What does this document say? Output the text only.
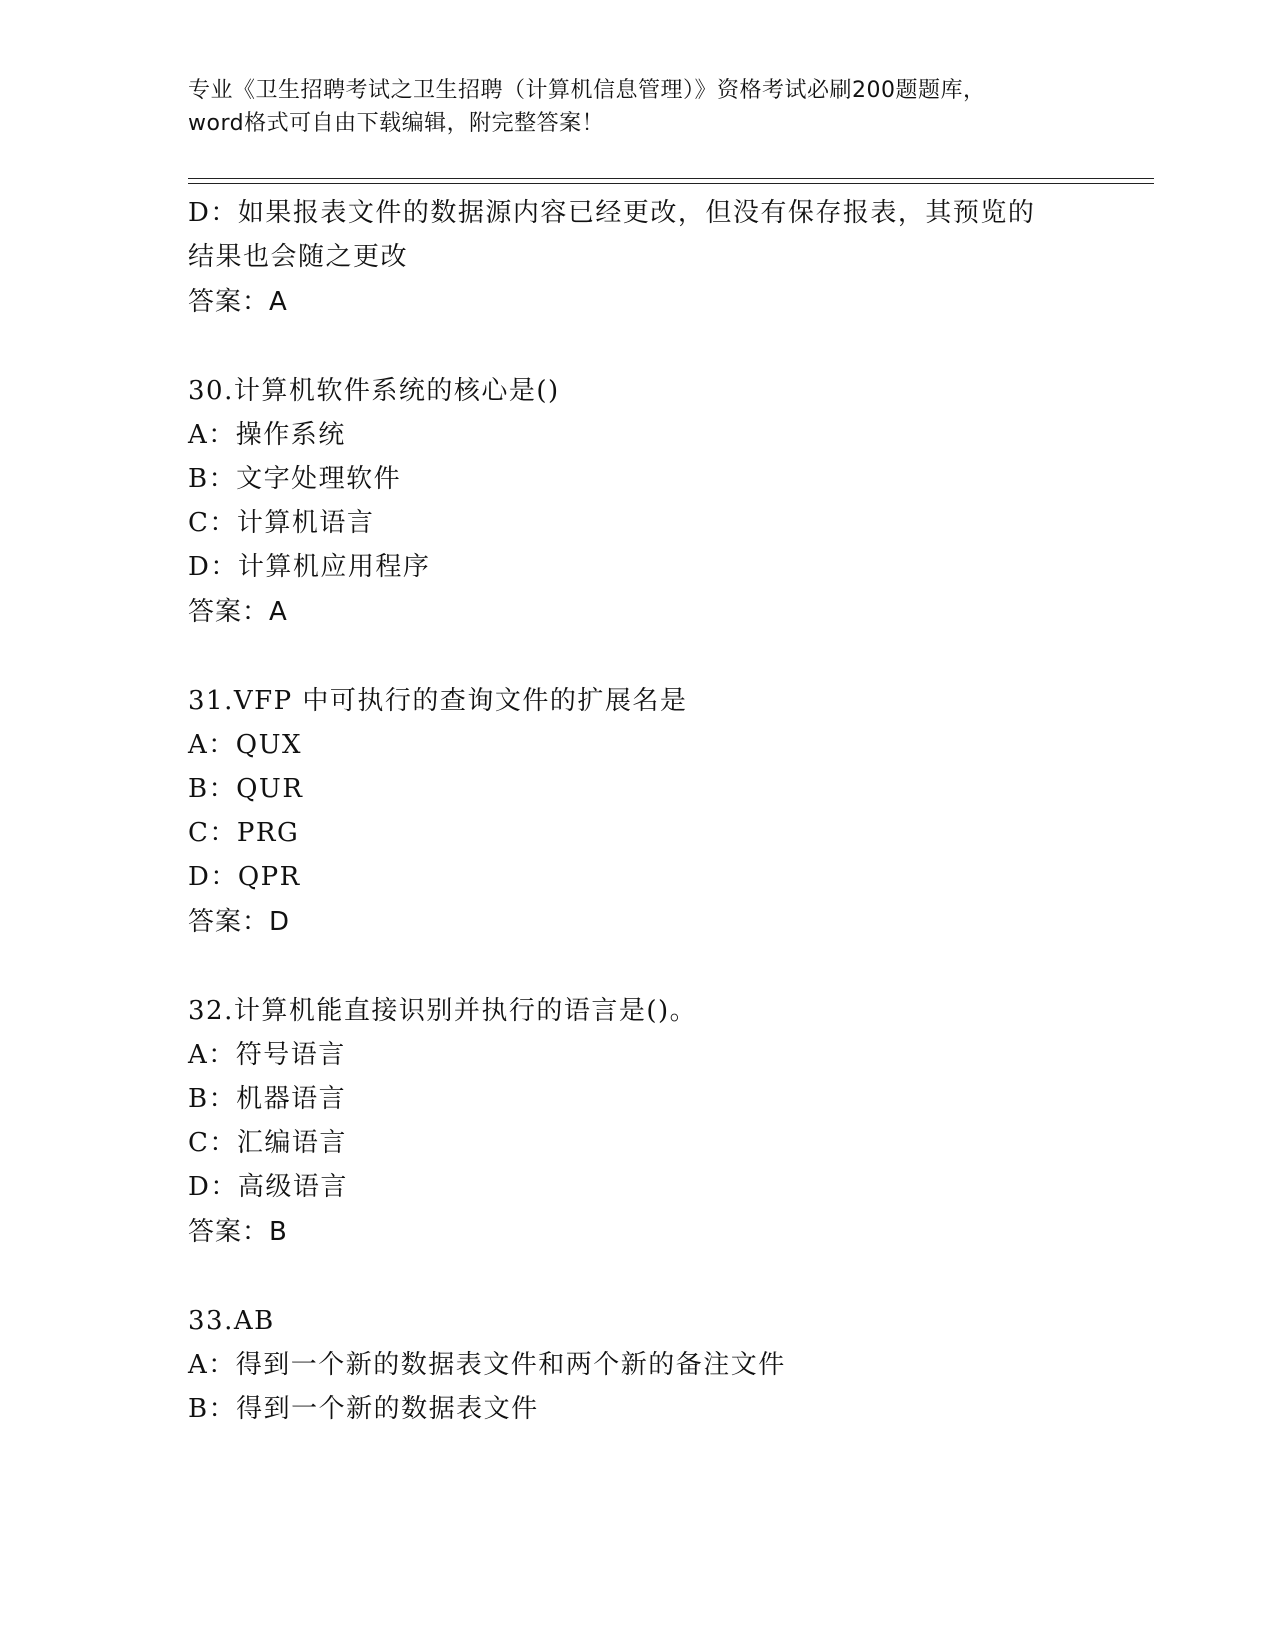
专业《卫生招聘考试之卫生招聘（计算机信息管理）》资格考试必刷200题题库，
word格式可自由下载编辑，附完整答案！
D：如果报表文件的数据源内容已经更改，但没有保存报表，其预览的
结果也会随之更改
答案：A
30.计算机软件系统的核心是()
A：操作系统
B：文字处理软件
C：计算机语言
D：计算机应用程序
答案：A
31.VFP 中可执行的查询文件的扩展名是
A：QUX
B：QUR
C：PRG
D：QPR
答案：D
32.计算机能直接识别并执行的语言是()。
A：符号语言
B：机器语言
C：汇编语言
D：高级语言
答案：B
33.AB
A：得到一个新的数据表文件和两个新的备注文件
B：得到一个新的数据表文件
